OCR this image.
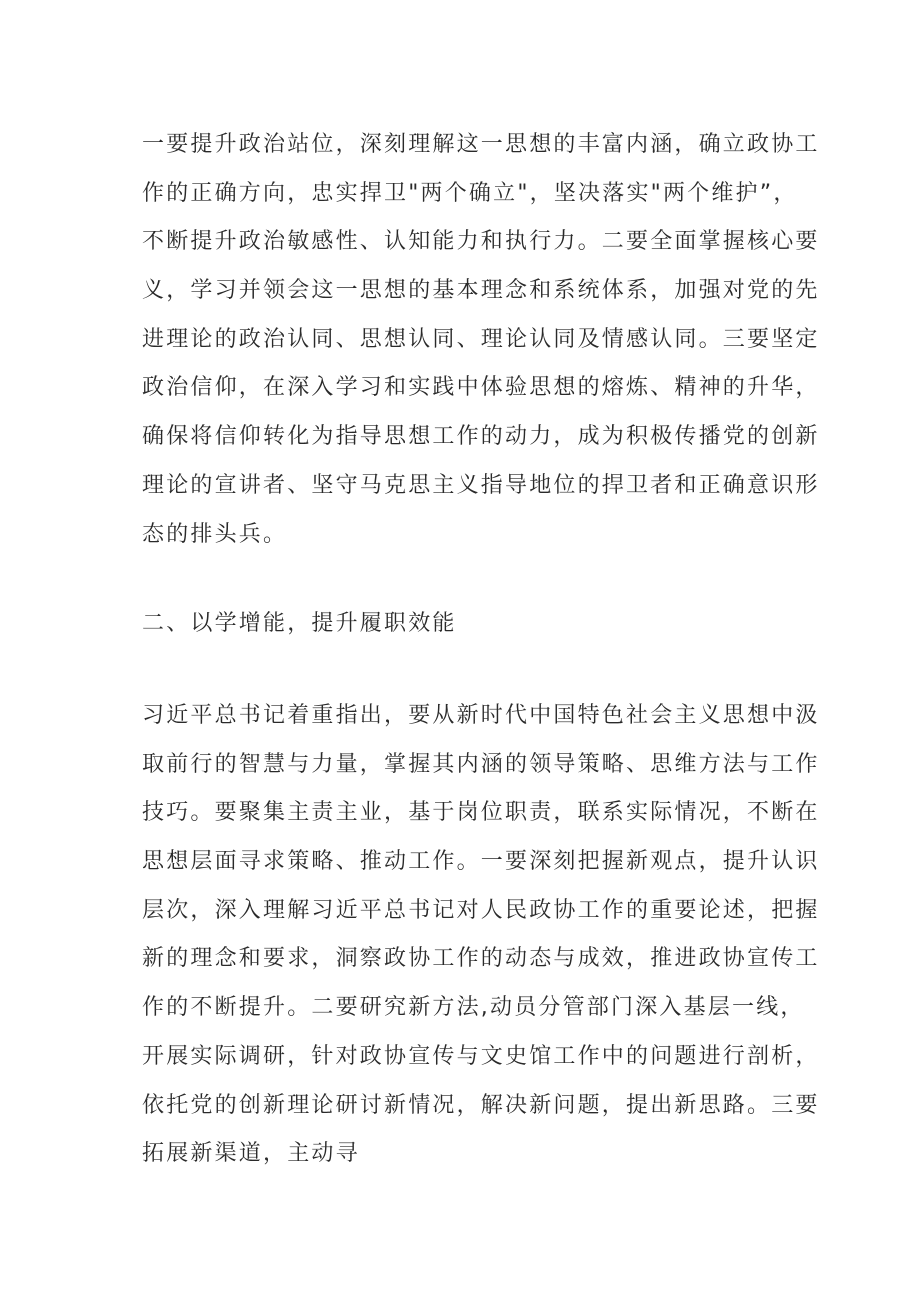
一要提升政治站位，深刻理解这一思想的丰富内涵，确立政协工
作的正确方向，忠实捍卫"两个确立"，坚决落实"两个维护”，
不断提升政治敏感性、认知能力和执行力。二要全面掌握核心要
义，学习并领会这一思想的基本理念和系统体系，加强对党的先
进理论的政治认同、思想认同、理论认同及情感认同。三要坚定
政治信仰，在深入学习和实践中体验思想的熔炼、精神的升华，
确保将信仰转化为指导思想工作的动力，成为积极传播党的创新
理论的宣讲者、坚守马克思主义指导地位的捍卫者和正确意识形
态的排头兵。
二、以学增能，提升履职效能
习近平总书记着重指出，要从新时代中国特色社会主义思想中汲
取前行的智慧与力量，掌握其内涵的领导策略、思维方法与工作
技巧。要聚集主责主业，基于岗位职责，联系实际情况，不断在
思想层面寻求策略、推动工作。一要深刻把握新观点，提升认识
层次，深入理解习近平总书记对人民政协工作的重要论述，把握
新的理念和要求，洞察政协工作的动态与成效，推进政协宣传工
作的不断提升。二要研究新方法,动员分管部门深入基层一线，
开展实际调研，针对政协宣传与文史馆工作中的问题进行剖析，
依托党的创新理论研讨新情况，解决新问题，提出新思路。三要
拓展新渠道，主动寻
